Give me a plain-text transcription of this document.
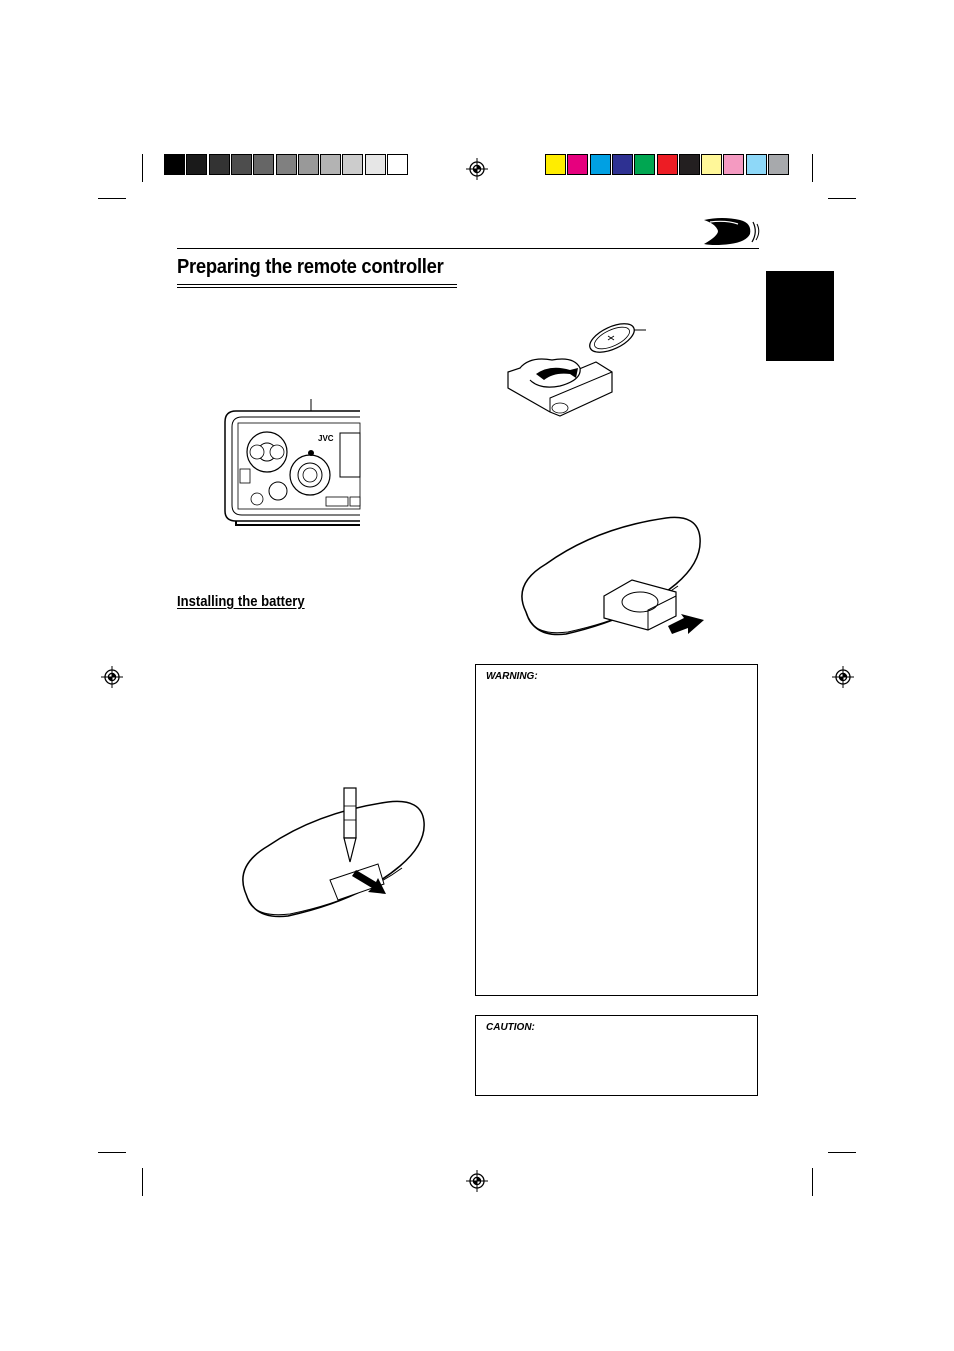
Preparing the remote controller
JVC
Installing the battery
WARNING:
CAUTION:
